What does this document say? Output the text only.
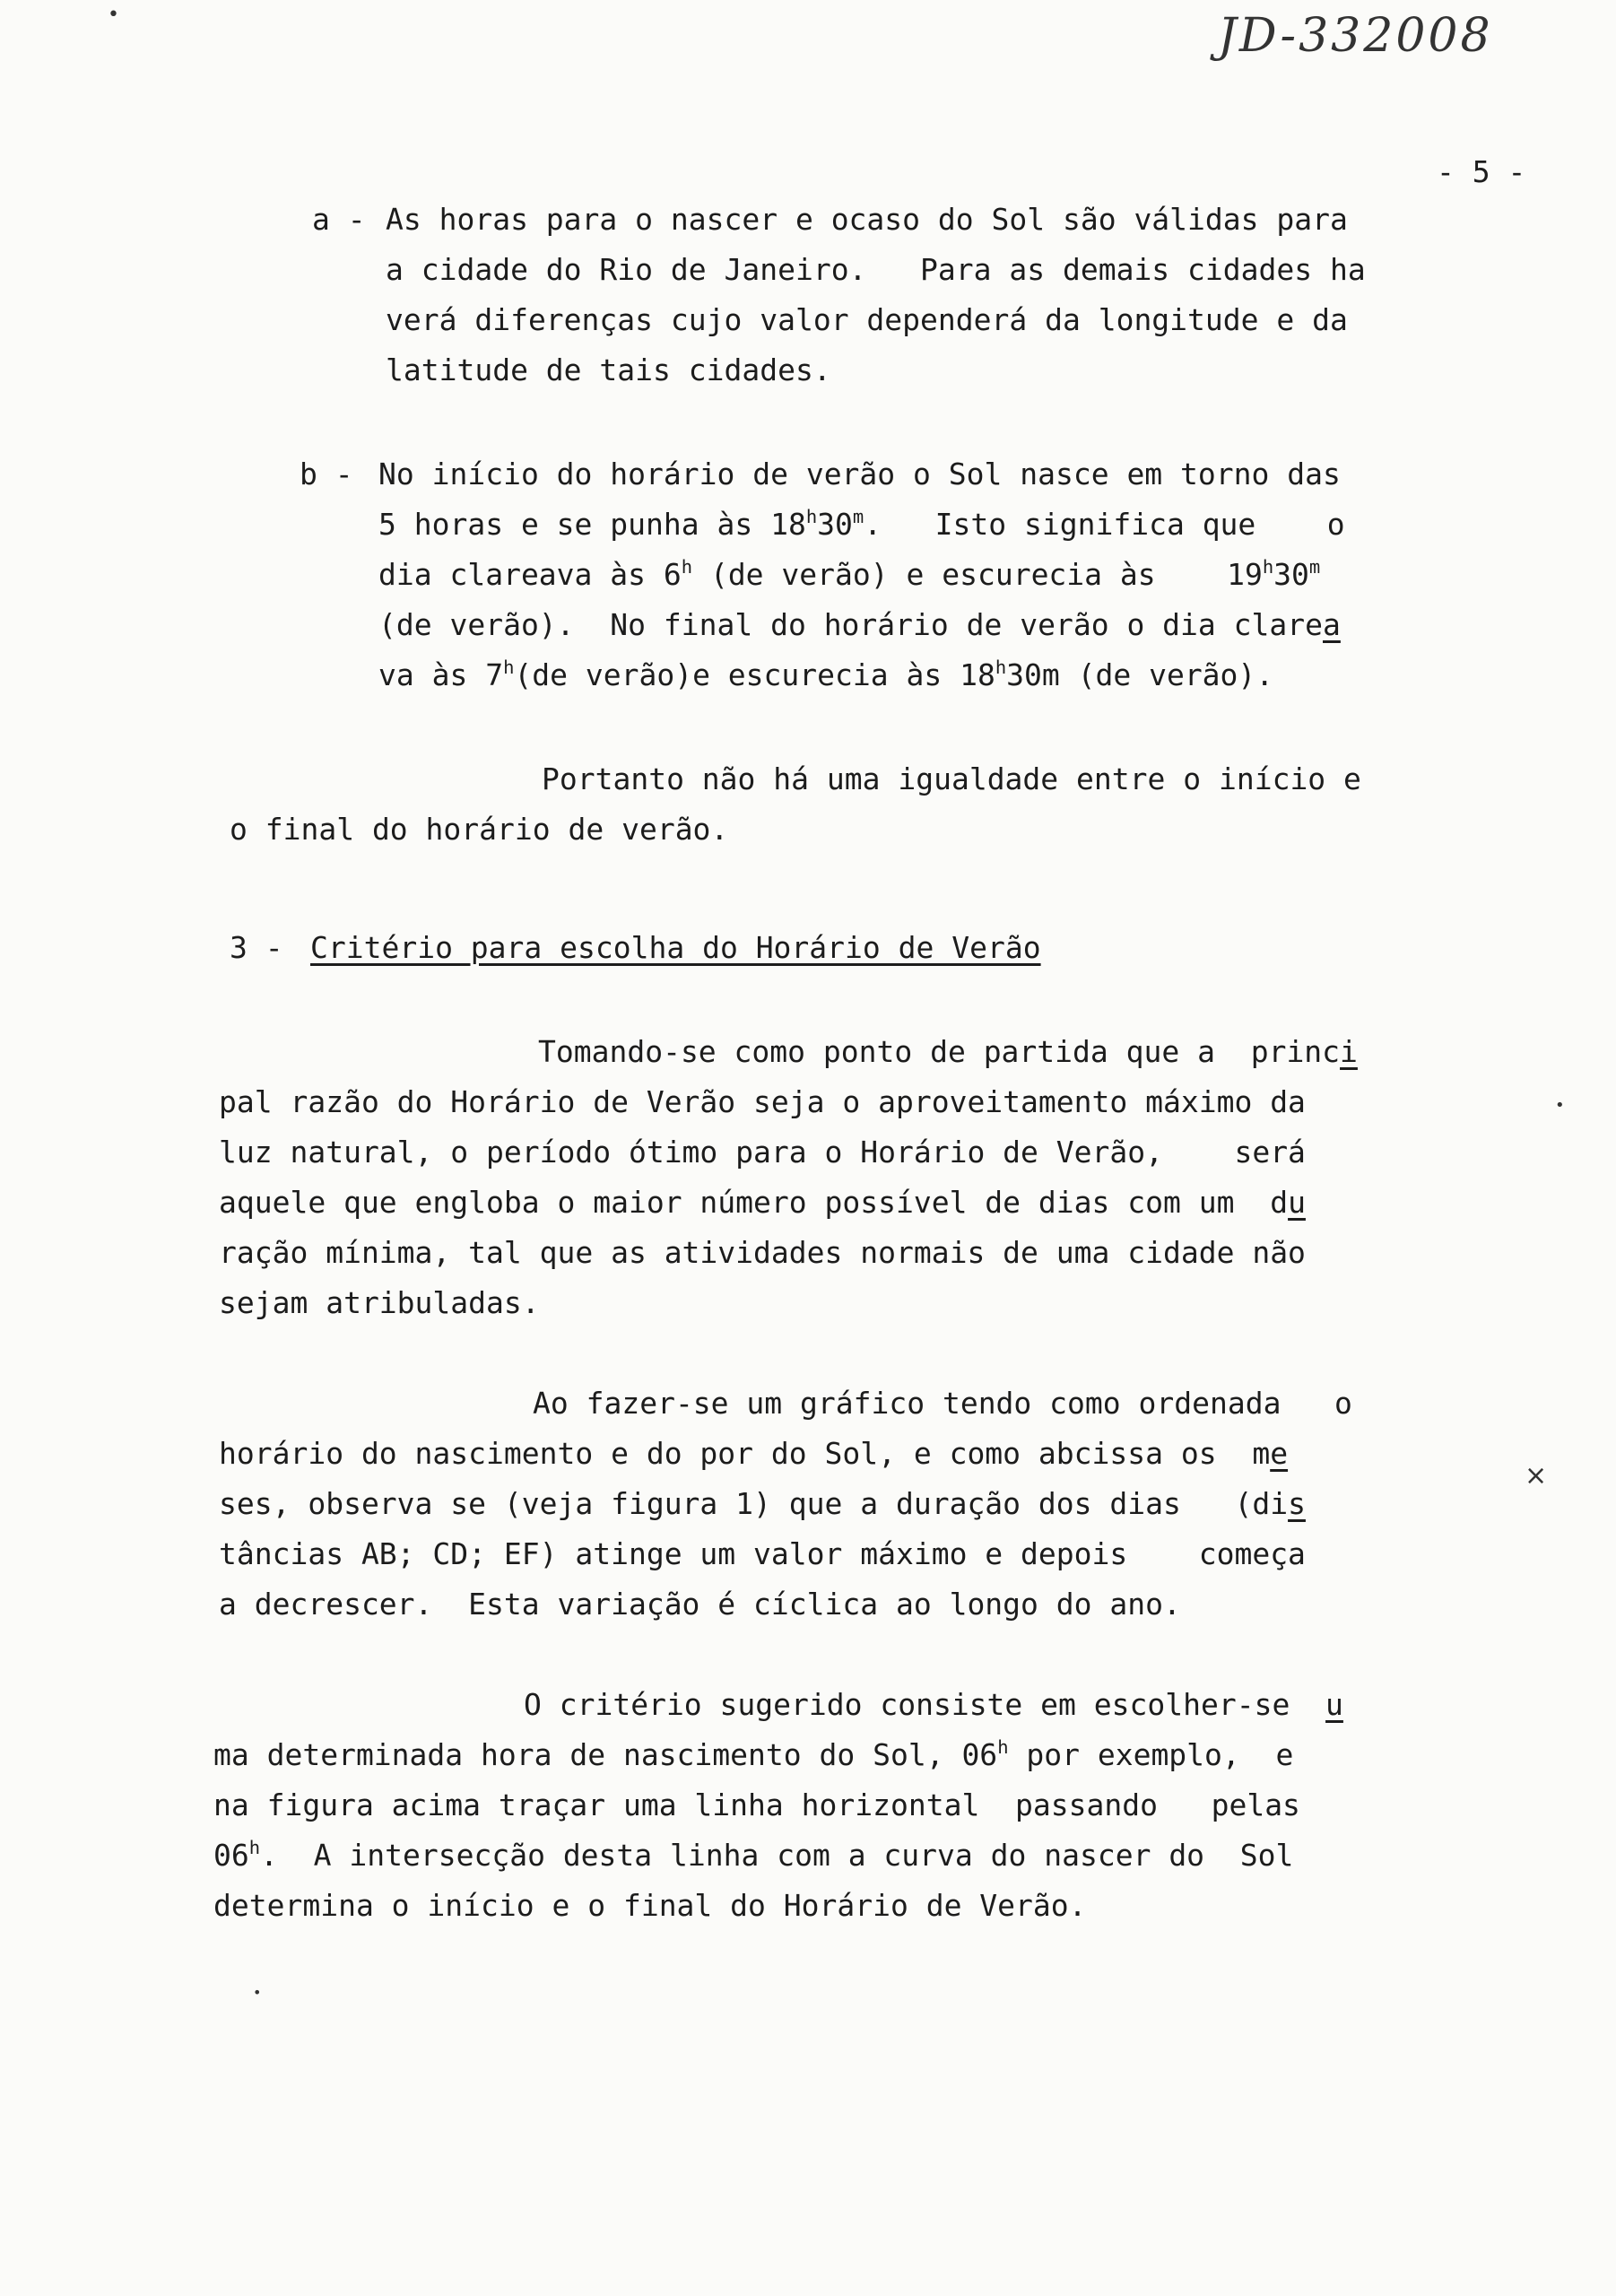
JD-332008
- 5 -
a - As horas para o nascer e ocaso do Sol são válidas para
a cidade do Rio de Janeiro.   Para as demais cidades ha
verá diferenças cujo valor dependerá da longitude e da
latitude de tais cidades.
b - No início do horário de verão o Sol nasce em torno das
5 horas e se punha às 18$^h$30$^m$.   Isto significa que    o
dia clareava às 6$^h$ (de verão) e escurecia às    19$^h$30$^m$
(de verão).  No final do horário de verão o dia clarea
va às 7$^h$(de verão)e escurecia às 18$^h$30m (de verão).
Portanto não há uma igualdade entre o início e
o final do horário de verão.
3 - Critério para escolha do Horário de Verão
Tomando-se como ponto de partida que a  princi
pal razão do Horário de Verão seja o aproveitamento máximo da
luz natural, o período ótimo para o Horário de Verão,    será
aquele que engloba o maior número possível de dias com um  du
ração mínima, tal que as atividades normais de uma cidade não
sejam atribuladas.
Ao fazer-se um gráfico tendo como ordenada   o
horário do nascimento e do por do Sol, e como abcissa os  me
ses, observa se (veja figura 1) que a duração dos dias   (dis
tâncias AB; CD; EF) atinge um valor máximo e depois    começa
a decrescer.  Esta variação é cíclica ao longo do ano.
O critério sugerido consiste em escolher-se  u
ma determinada hora de nascimento do Sol, 06$^h$ por exemplo,  e
na figura acima traçar uma linha horizontal  passando   pelas
06$^h$.  A intersecção desta linha com a curva do nascer do  Sol
determina o início e o final do Horário de Verão.
•
×
•
•
